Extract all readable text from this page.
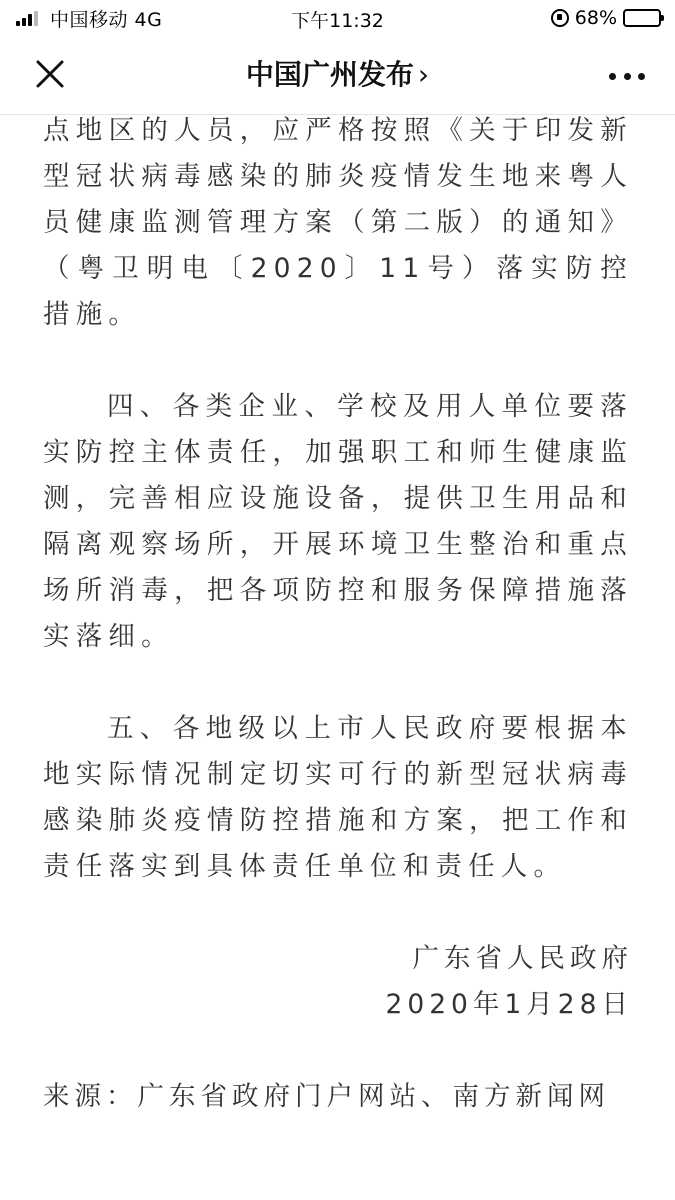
中国移动 4G	下午11:32	68%
中国广州发布 ›

点地区的人员，应严格按照《关于印发新型冠状病毒感染的肺炎疫情发生地来粤人员健康监测管理方案（第二版）的通知》（粤卫明电〔2020〕11号）落实防控措施。

四、各类企业、学校及用人单位要落实防控主体责任，加强职工和师生健康监测，完善相应设施设备，提供卫生用品和隔离观察场所，开展环境卫生整治和重点场所消毒，把各项防控和服务保障措施落实落细。

五、各地级以上市人民政府要根据本地实际情况制定切实可行的新型冠状病毒感染肺炎疫情防控措施和方案，把工作和责任落实到具体责任单位和责任人。

广东省人民政府

2020年1月28日

来源：广东省政府门户网站、南方新闻网
